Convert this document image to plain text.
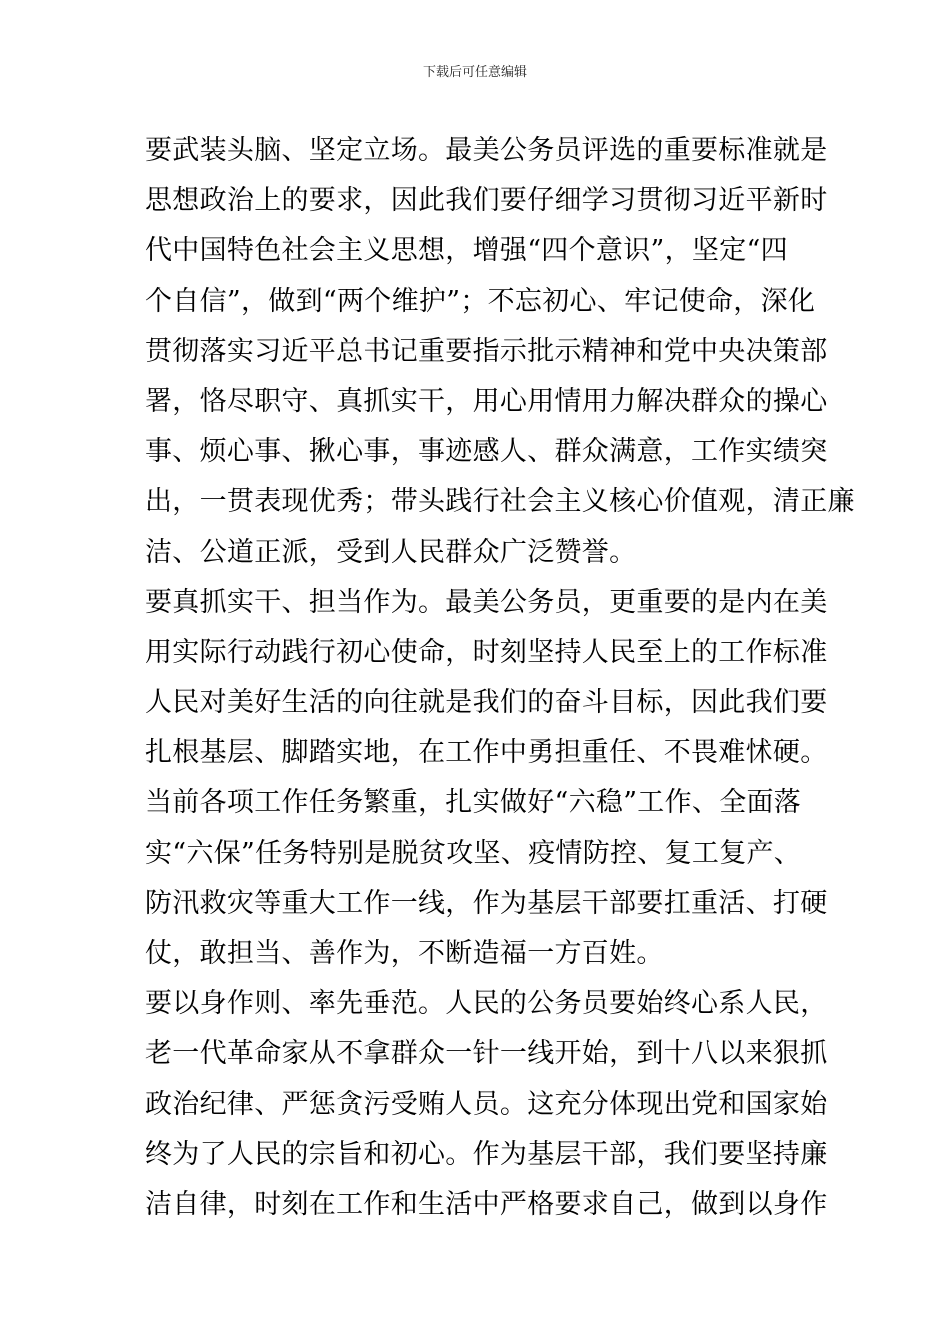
下载后可任意编辑
要武装头脑、坚定立场。最美公务员评选的重要标准就是
思想政治上的要求，因此我们要仔细学习贯彻习近平新时
代中国特色社会主义思想，增强“四个意识”，坚定“四
个自信”，做到“两个维护”；不忘初心、牢记使命，深化
贯彻落实习近平总书记重要指示批示精神和党中央决策部
署，恪尽职守、真抓实干，用心用情用力解决群众的操心
事、烦心事、揪心事，事迹感人、群众满意，工作实绩突
出，一贯表现优秀；带头践行社会主义核心价值观，清正廉
洁、公道正派，受到人民群众广泛赞誉。
要真抓实干、担当作为。最美公务员，更重要的是内在美
用实际行动践行初心使命，时刻坚持人民至上的工作标准
人民对美好生活的向往就是我们的奋斗目标，因此我们要
扎根基层、脚踏实地，在工作中勇担重任、不畏难怵硬。
当前各项工作任务繁重，扎实做好“六稳”工作、全面落
实“六保”任务特别是脱贫攻坚、疫情防控、复工复产、
防汛救灾等重大工作一线，作为基层干部要扛重活、打硬
仗，敢担当、善作为，不断造福一方百姓。
要以身作则、率先垂范。人民的公务员要始终心系人民，
老一代革命家从不拿群众一针一线开始，到十八以来狠抓
政治纪律、严惩贪污受贿人员。这充分体现出党和国家始
终为了人民的宗旨和初心。作为基层干部，我们要坚持廉
洁自律，时刻在工作和生活中严格要求自己，做到以身作
